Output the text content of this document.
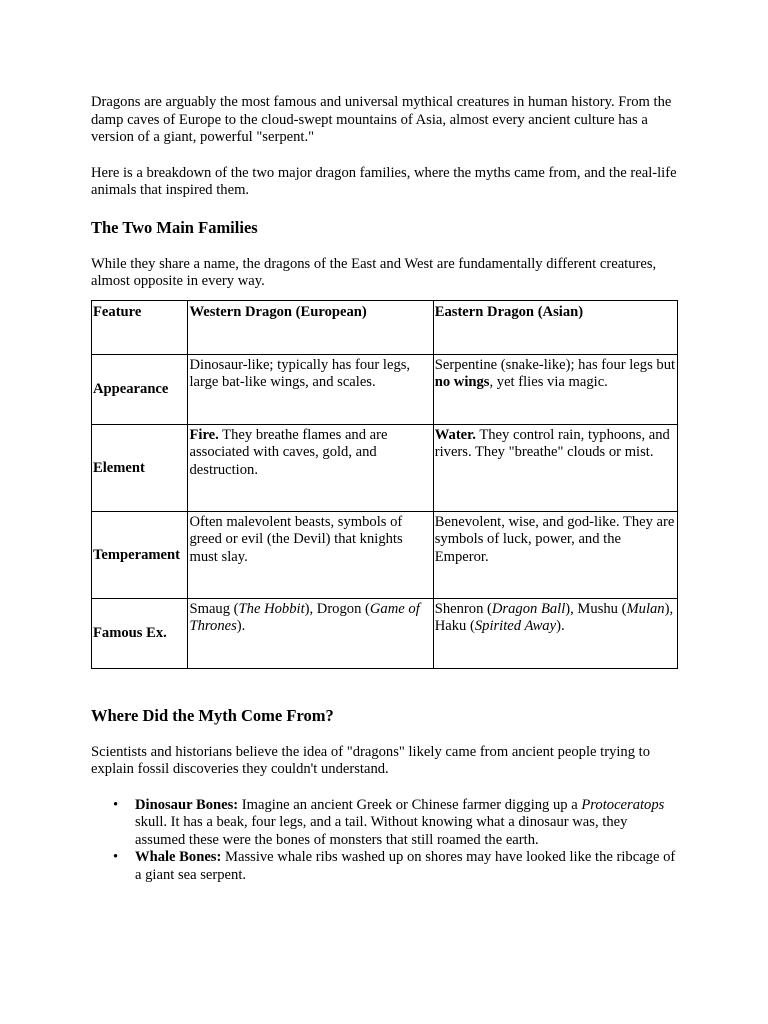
Dragons are arguably the most famous and universal mythical creatures in human history. From the damp caves of Europe to the cloud-swept mountains of Asia, almost every ancient culture has a version of a giant, powerful "serpent."

Here is a breakdown of the two major dragon families, where the myths came from, and the real-life animals that inspired them.

The Two Main Families

While they share a name, the dragons of the East and West are fundamentally different creatures, almost opposite in every way.

Feature	Western Dragon (European)	Eastern Dragon (Asian)
Appearance	Dinosaur-like; typically has four legs, large bat-like wings, and scales.	Serpentine (snake-like); has four legs but no wings, yet flies via magic.
Element	Fire. They breathe flames and are associated with caves, gold, and destruction.	Water. They control rain, typhoons, and rivers. They "breathe" clouds or mist.
Temperament	Often malevolent beasts, symbols of greed or evil (the Devil) that knights must slay.	Benevolent, wise, and god-like. They are symbols of luck, power, and the Emperor.
Famous Ex.	Smaug (The Hobbit), Drogon (Game of Thrones).	Shenron (Dragon Ball), Mushu (Mulan), Haku (Spirited Away).
Where Did the Myth Come From?

Scientists and historians believe the idea of "dragons" likely came from ancient people trying to explain fossil discoveries they couldn't understand.

• Dinosaur Bones: Imagine an ancient Greek or Chinese farmer digging up a Protoceratops skull. It has a beak, four legs, and a tail. Without knowing what a dinosaur was, they assumed these were the bones of monsters that still roamed the earth.
• Whale Bones: Massive whale ribs washed up on shores may have looked like the ribcage of a giant sea serpent.
